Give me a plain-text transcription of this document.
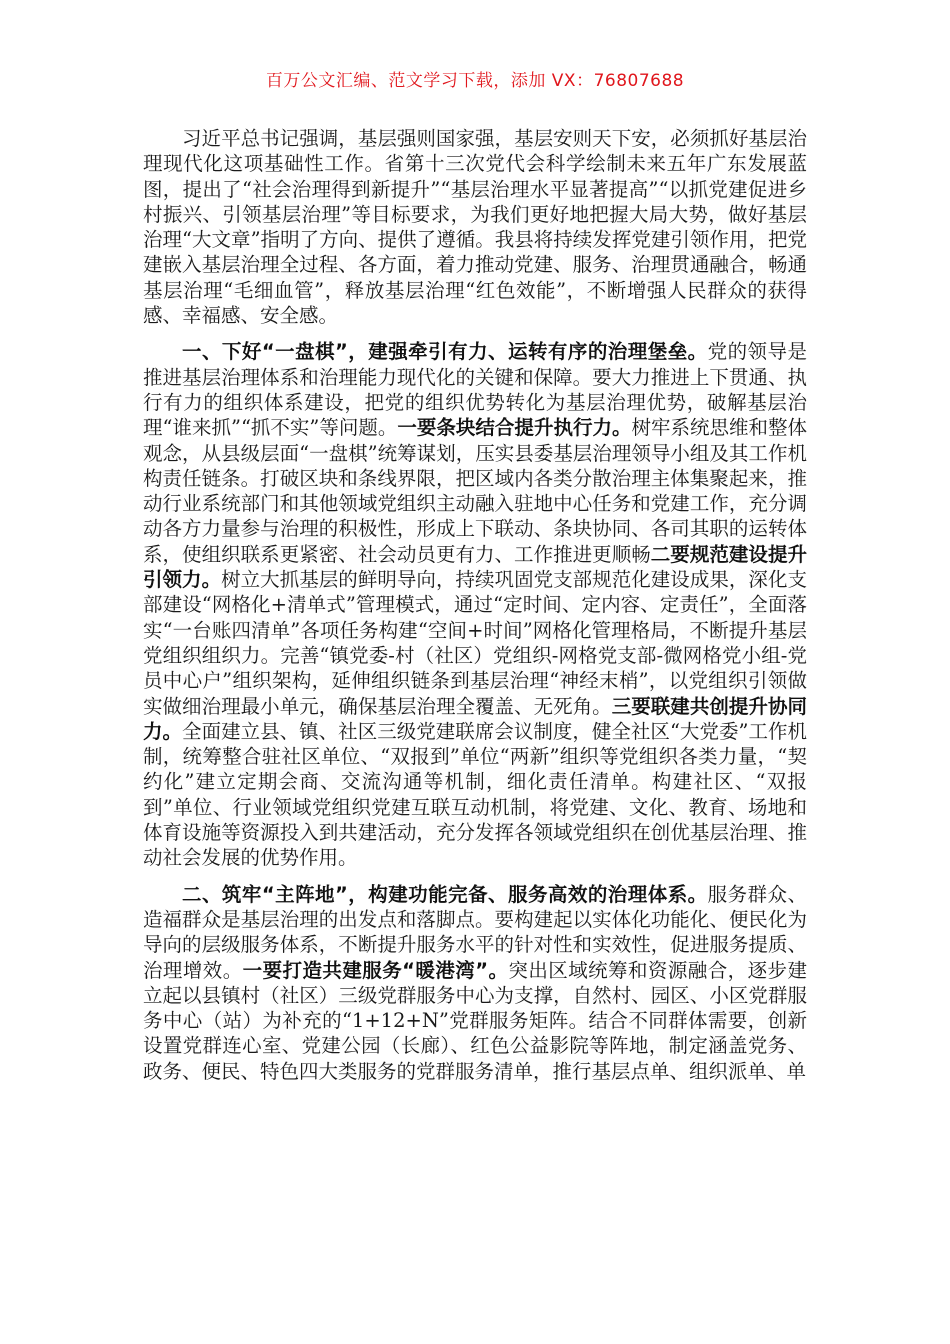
百万公文汇编、范文学习下载，添加 VX：76807688

习近平总书记强调，基层强则国家强，基层安则天下安，必须抓好基层治理现代化这项基础性工作。省第十三次党代会科学绘制未来五年广东发展蓝图，提出了“社会治理得到新提升”“基层治理水平显著提高”“以抓党建促进乡村振兴、引领基层治理”等目标要求，为我们更好地把握大局大势，做好基层治理“大文章”指明了方向、提供了遵循。我县将持续发挥党建引领作用，把党建嵌入基层治理全过程、各方面，着力推动党建、服务、治理贯通融合，畅通基层治理“毛细血管”，释放基层治理“红色效能”，不断增强人民群众的获得感、幸福感、安全感。

一、下好“一盘棋”，建强牵引有力、运转有序的治理堡垒。党的领导是推进基层治理体系和治理能力现代化的关键和保障。要大力推进上下贯通、执行有力的组织体系建设，把党的组织优势转化为基层治理优势，破解基层治理“谁来抓”“抓不实”等问题。一要条块结合提升执行力。树牢系统思维和整体观念，从县级层面“一盘棋”统筹谋划，压实县委基层治理领导小组及其工作机构责任链条。打破区块和条线界限，把区域内各类分散治理主体集聚起来，推动行业系统部门和其他领域党组织主动融入驻地中心任务和党建工作，充分调动各方力量参与治理的积极性，形成上下联动、条块协同、各司其职的运转体系，使组织联系更紧密、社会动员更有力、工作推进更顺畅二要规范建设提升引领力。树立大抓基层的鲜明导向，持续巩固党支部规范化建设成果，深化支部建设“网格化+清单式”管理模式，通过“定时间、定内容、定责任”，全面落实“一台账四清单”各项任务构建“空间+时间”网格化管理格局，不断提升基层党组织组织力。完善“镇党委-村（社区）党组织-网格党支部-微网格党小组-党员中心户”组织架构，延伸组织链条到基层治理“神经末梢”，以党组织引领做实做细治理最小单元，确保基层治理全覆盖、无死角。三要联建共创提升协同力。全面建立县、镇、社区三级党建联席会议制度，健全社区“大党委”工作机制，统筹整合驻社区单位、“双报到”单位“两新”组织等党组织各类力量，“契约化”建立定期会商、交流沟通等机制，细化责任清单。构建社区、“双报到”单位、行业领域党组织党建互联互动机制，将党建、文化、教育、场地和体育设施等资源投入到共建活动，充分发挥各领域党组织在创优基层治理、推动社会发展的优势作用。

二、筑牢“主阵地”，构建功能完备、服务高效的治理体系。服务群众、造福群众是基层治理的出发点和落脚点。要构建起以实体化功能化、便民化为导向的层级服务体系，不断提升服务水平的针对性和实效性，促进服务提质、治理增效。一要打造共建服务“暖港湾”。突出区域统筹和资源融合，逐步建立起以县镇村（社区）三级党群服务中心为支撑，自然村、园区、小区党群服务中心（站）为补充的“1+12+N”党群服务矩阵。结合不同群体需要，创新设置党群连心室、党建公园（长廊）、红色公益影院等阵地，制定涵盖党务、政务、便民、特色四大类服务的党群服务清单，推行基层点单、组织派单、单
